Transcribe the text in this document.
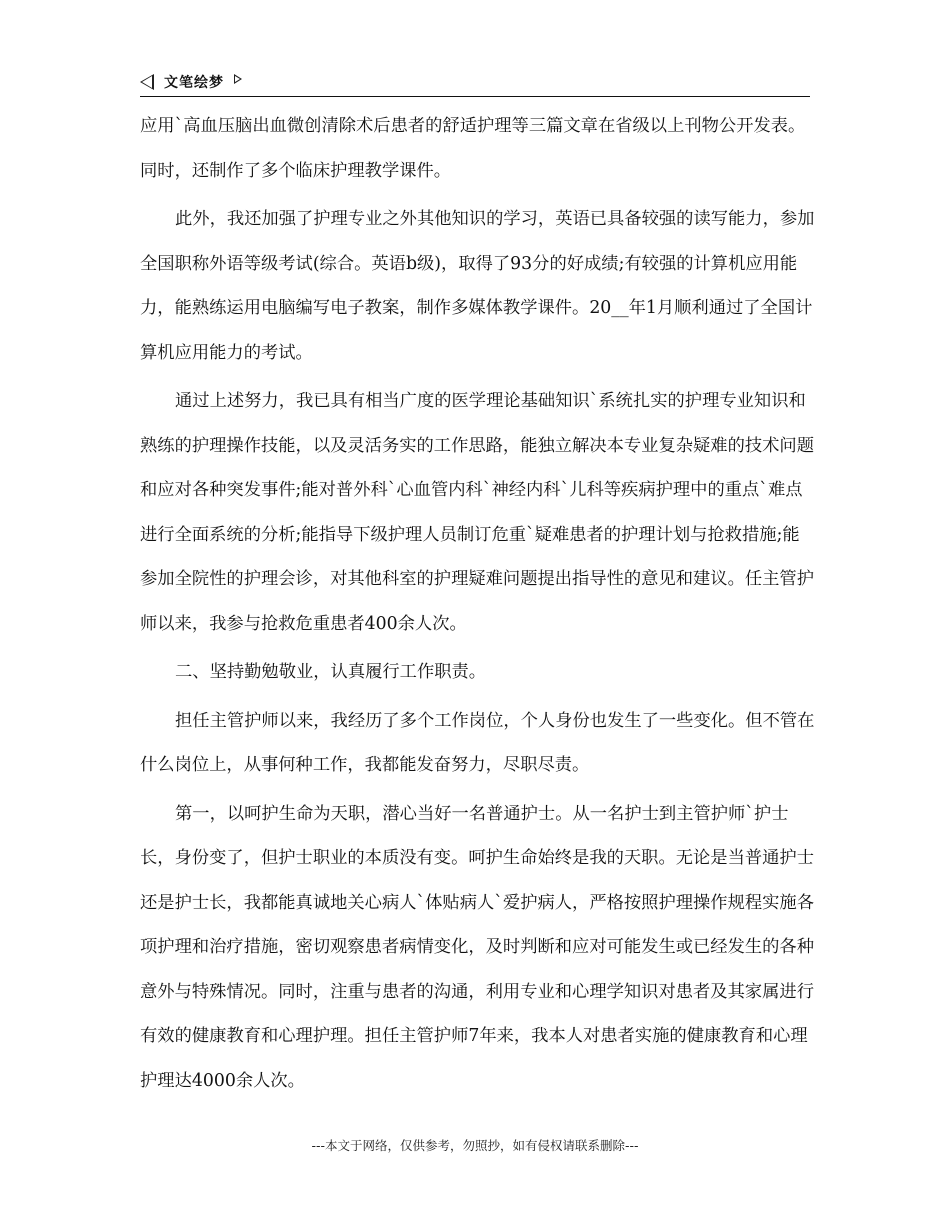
文笔绘梦

应用`高血压脑出血微创清除术后患者的舒适护理等三篇文章在省级以上刊物公开发表。同时，还制作了多个临床护理教学课件。

此外，我还加强了护理专业之外其他知识的学习，英语已具备较强的读写能力，参加全国职称外语等级考试(综合。英语b级)，取得了93分的好成绩;有较强的计算机应用能力，能熟练运用电脑编写电子教案，制作多媒体教学课件。20__年1月顺利通过了全国计算机应用能力的考试。

通过上述努力，我已具有相当广度的医学理论基础知识`系统扎实的护理专业知识和熟练的护理操作技能，以及灵活务实的工作思路，能独立解决本专业复杂疑难的技术问题和应对各种突发事件;能对普外科`心血管内科`神经内科`儿科等疾病护理中的重点`难点进行全面系统的分析;能指导下级护理人员制订危重`疑难患者的护理计划与抢救措施;能参加全院性的护理会诊，对其他科室的护理疑难问题提出指导性的意见和建议。任主管护师以来，我参与抢救危重患者400余人次。

二、坚持勤勉敬业，认真履行工作职责。

担任主管护师以来，我经历了多个工作岗位，个人身份也发生了一些变化。但不管在什么岗位上，从事何种工作，我都能发奋努力，尽职尽责。

第一，以呵护生命为天职，潜心当好一名普通护士。从一名护士到主管护师`护士长，身份变了，但护士职业的本质没有变。呵护生命始终是我的天职。无论是当普通护士还是护士长，我都能真诚地关心病人`体贴病人`爱护病人，严格按照护理操作规程实施各项护理和治疗措施，密切观察患者病情变化，及时判断和应对可能发生或已经发生的各种意外与特殊情况。同时，注重与患者的沟通，利用专业和心理学知识对患者及其家属进行有效的健康教育和心理护理。担任主管护师7年来，我本人对患者实施的健康教育和心理护理达4000余人次。

---本文于网络，仅供参考，勿照抄，如有侵权请联系删除---
